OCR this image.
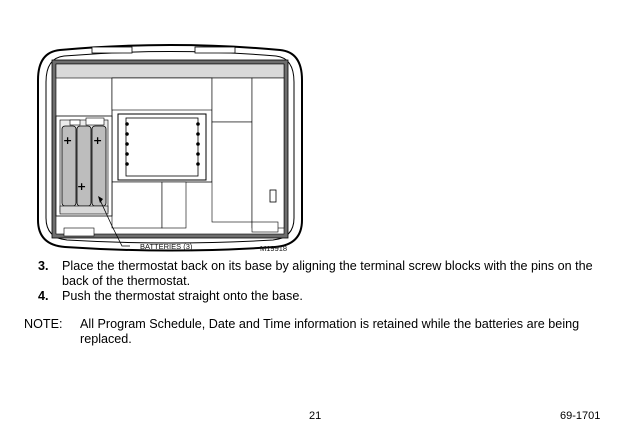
+
+
+
BATTERIES (3)	M19918
3. Place the thermostat back on its base by aligning the terminal screw blocks with the pins on the back of the thermostat.
4. Push the thermostat straight onto the base.
NOTE: All Program Schedule, Date and Time information is retained while the batteries are being replaced.
21	69-1701
